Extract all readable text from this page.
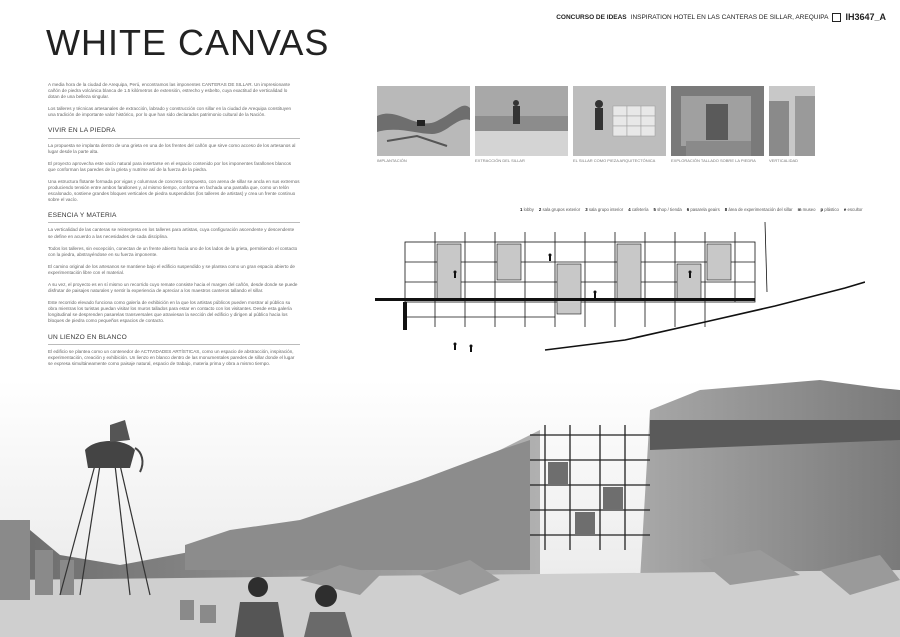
WHITE CANVAS
CONCURSO DE IDEAS INSPIRATION HOTEL EN LAS CANTERAS DE SILLAR, AREQUIPA IH3647_A

A media hora de la ciudad de Arequipa, Perú, encontramos las imponentes CANTERAS DE SILLAR. Un impresionante cañón de piedra volcánica blanca de 1.5 kilómetros de extensión, estrecho y esbelto, cuya exactitud de verticalidad lo dotan de una belleza singular.

Los talleres y técnicas artesanales de extracción, labrado y construcción con sillar en la ciudad de Arequipa constituyen una tradición de importante valor histórico, por lo que han sido declarados patrimonio cultural de la Nación.

VIVIR EN LA PIEDRA

La propuesta se implanta dentro de una grieta en una de los frentes del cañón que sirve como acceso de los artesanos al lugar desde la parte alta.

El proyecto aprovecha este vacío natural para insertarse en el espacio contenido por los imponentes farallones blancos que conforman las paredes de la grieta y nutrirse así de la fuerza de la piedra.

Una estructura flotante formada por vigas y columnas de concreto compuesto, con arena de sillar se ancla en sus extremos produciendo tensión entre ambos farallones y, al mismo tiempo, conforma en fachada una pantalla que, como un telón escalonado, sostiene grandes bloques verticales de piedra suspendidos (los talleres de artistas) y crea un frente continuo sobre el vacío.

ESENCIA Y MATERIA

La verticalidad de las canteras se reinterpreta en los talleres para artistas, cuya configuración ascendente y descendente se define en acuerdo a las necesidades de cada disciplina.

Todos los talleres, sin excepción, conectan de un frente abierto hacia uno de los lados de la grieta, permitiendo el contacto con la piedra, abstrayéndose en su fuerza imponente.

El camino original de los artesanos se mantiene bajo el edificio suspendido y se plantea como un gran espacio abierto de experimentación libre con el material.

A su vez, el proyecto es en sí mismo un recorrido cuyo remate consiste hacia el margen del cañón, desde donde se puede disfrutar de paisajes naturales y sentir la experiencia de apreciar a los maestros canteros tallando el sillar.

Este recorrido elevado funciona como galería de exhibición en la que los artistas públicos pueden mostrar al público su obra mientras los turistas puedan visitar los muros tallados para estar en contacto con los visitantes. Desde esta galería longitudinal se desprenden pasarelas transversales que atraviesan la sección del edificio y dirigen al público hacia los bloques de piedra como pequeños espacios de contacto.

UN LIENZO EN BLANCO

El edificio se plantea como un contenedor de ACTIVIDADES ARTÍSTICAS, como un espacio de abstracción, inspiración, experimentación, creación y exhibición. Un lienzo en blanco dentro de las monumentales paredes de sillar donde el lugar se expresa simultáneamente como paisaje natural, espacio de trabajo, materia prima y obra a mismo tiempo.

IMPLANTACIÓN	EXTRACCIÓN DEL SILLAR	EL SILLAR COMO PIEZA ARQUITECTÓNICA	EXPLORACIÓN TALLADO SOBRE LA PIEDRA	VERTICALIDAD
1 lobby 2 sala grupos exterior 3 sala grupo interior 4 cafetería 5 shop / tienda 6 pasarela geairs 8 área de experimentación del sillar m museo p plástico e escultor
